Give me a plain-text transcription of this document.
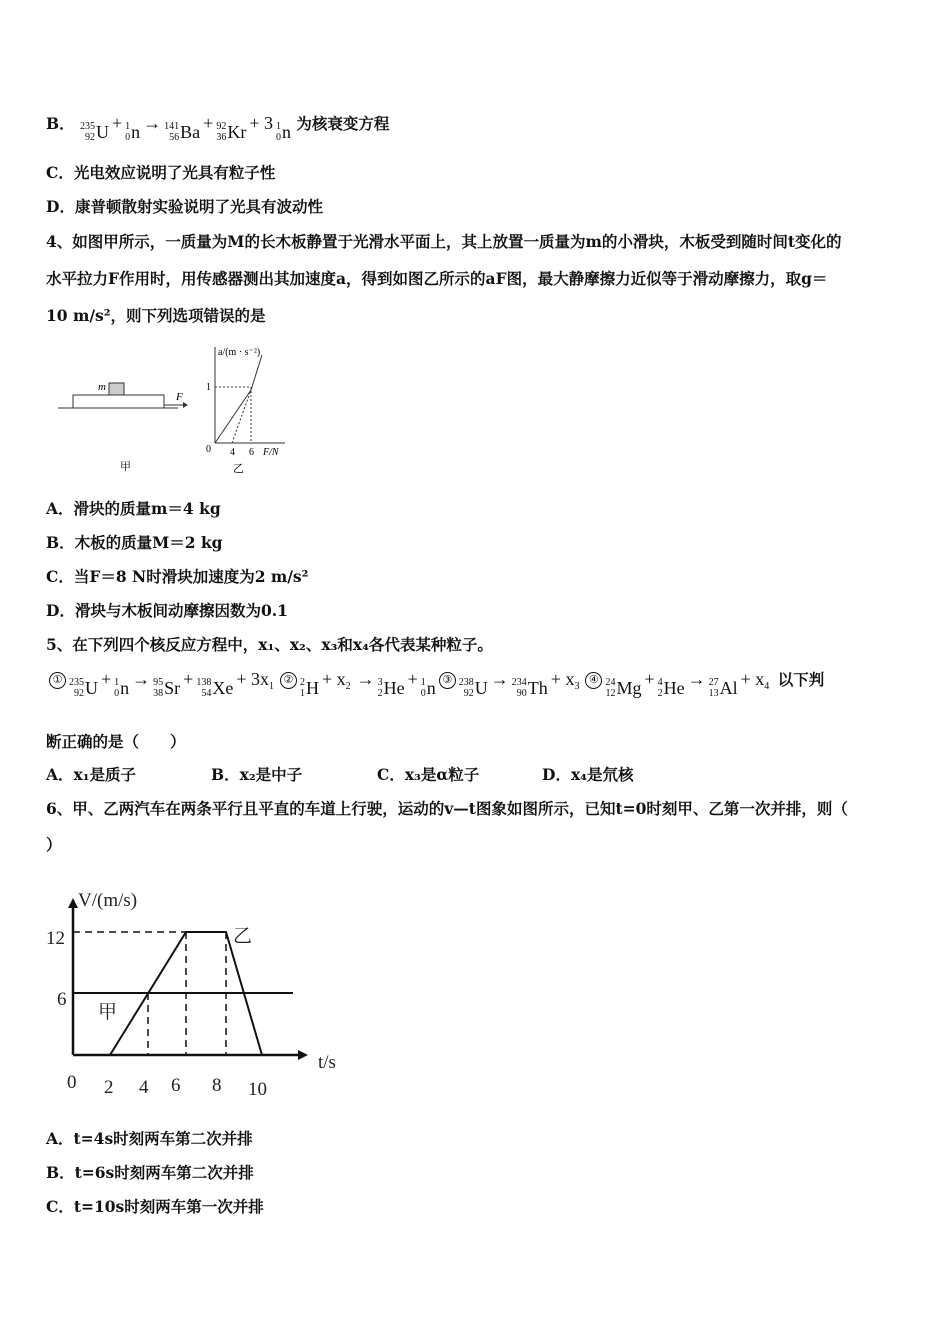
B． 235
92 U + 1
0 n → 141
56 Ba + 92
36 Kr + 3 1
0 n 为核衰变方程
C．光电效应说明了光具有粒子性
D．康普顿散射实验说明了光具有波动性
4、如图甲所示，一质量为M的长木板静置于光滑水平面上，其上放置一质量为m的小滑块，木板受到随时间t变化的
水平拉力F作用时，用传感器测出其加速度a，得到如图乙所示的aF图，最大静摩擦力近似等于滑动摩擦力，取g＝
10 m/s²，则下列选项错误的是
m
F
甲
a/(m · s⁻²)
1
0 4 6 F/N
乙
A．滑块的质量m＝4 kg
B．木板的质量M＝2 kg
C．当F＝8 N时滑块加速度为2 m/s²
D．滑块与木板间动摩擦因数为0.1
5、在下列四个核反应方程中，x₁、x₂、x₃和x₄各代表某种粒子。
① 235
92 U + 1
0 n → 95
38 Sr + 138
54 $Xe + 3x_1②$ 2
1 $H + x_2 \to 3$
2 He + 1
0 n ③ 238
92 U → 234
90 $Th + x_3④$ 24
12 Mg + 4
2 He → 27
13 $Al + x_4$ 以下判
断正确的是（　　）
A．x₁是质子	B．x₂是中子	C．x₃是α粒子	D．x₄是氘核
6、甲、乙两汽车在两条平行且平直的车道上行驶，运动的v—t图象如图所示，已知t=0时刻甲、乙第一次并排，则（
）
V/(m/s)
乙
甲
t/s
12
6
0 2 4 6 8 10
A．t=4s时刻两车第二次并排
B．t=6s时刻两车第二次并排
C．t=10s时刻两车第一次并排
